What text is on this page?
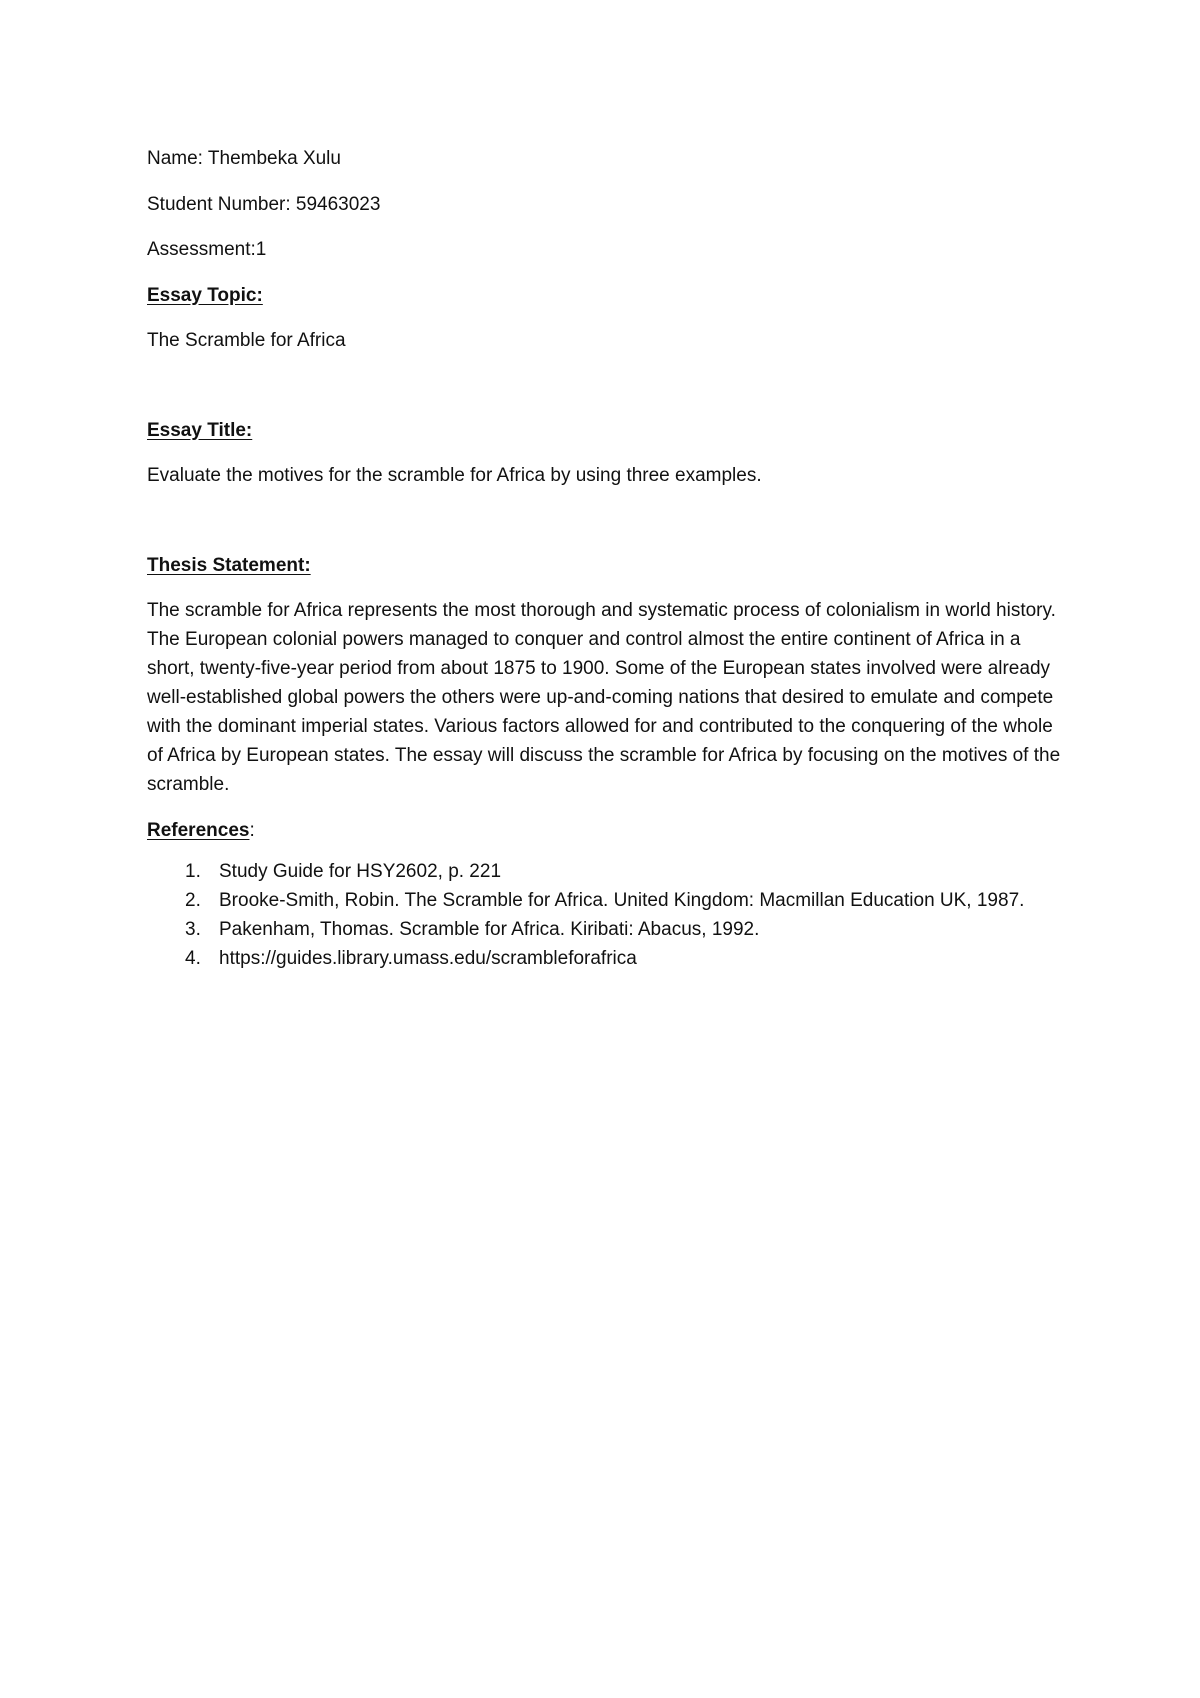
Name: Thembeka Xulu

Student Number: 59463023

Assessment:1

Essay Topic:

The Scramble for Africa

Essay Title:

Evaluate the motives for the scramble for Africa by using three examples.

Thesis Statement:

The scramble for Africa represents the most thorough and systematic process of colonialism in world history. The European colonial powers managed to conquer and control almost the entire continent of Africa in a short, twenty-five-year period from about 1875 to 1900. Some of the European states involved were already well-established global powers the others were up-and-coming nations that desired to emulate and compete with the dominant imperial states. Various factors allowed for and contributed to the conquering of the whole of Africa by European states. The essay will discuss the scramble for Africa by focusing on the motives of the scramble.

References:

1. Study Guide for HSY2602, p. 221
2. Brooke-Smith, Robin. The Scramble for Africa. United Kingdom: Macmillan Education UK, 1987.
3. Pakenham, Thomas. Scramble for Africa. Kiribati: Abacus, 1992.
4. https://guides.library.umass.edu/scrambleforafrica
